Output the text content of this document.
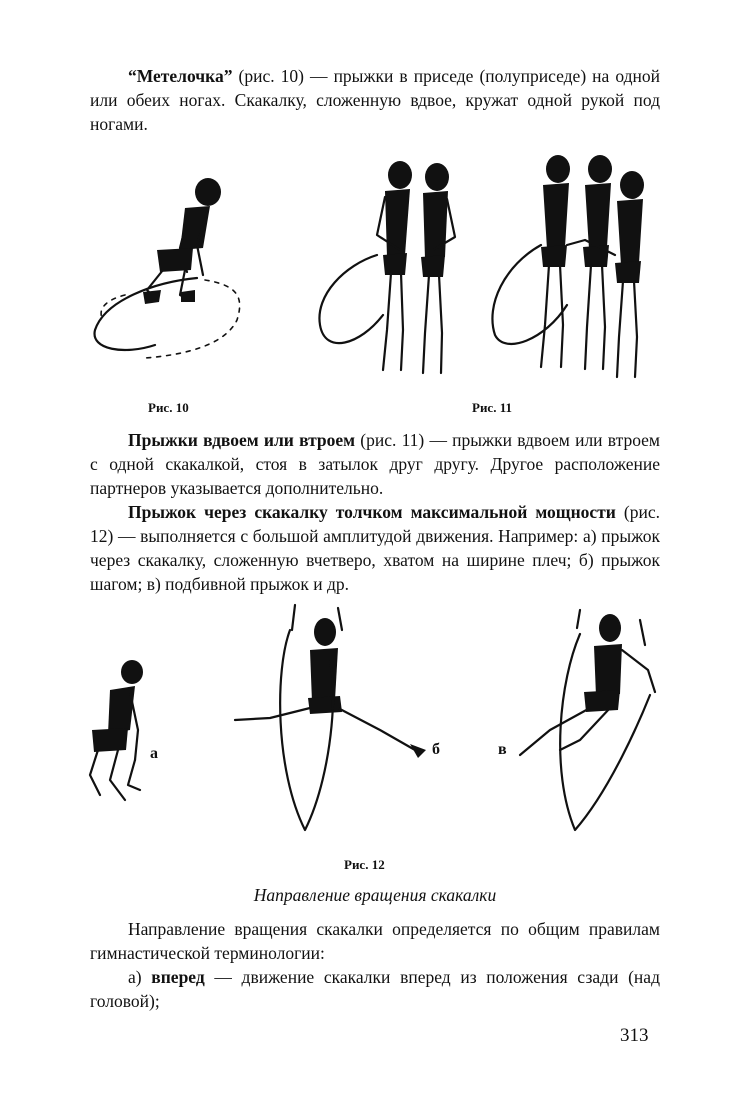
“Метелочка” (рис. 10) — прыжки в приседе (полуприседе) на одной или обеих ногах. Скакалку, сложенную вдвое, кружат одной рукой под ногами.

Рис. 10	Рис. 11

Прыжки вдвоем или втроем (рис. 11) — прыжки вдвоем или втроем с одной скакалкой, стоя в затылок друг другу. Другое расположение партнеров указывается дополнительно.

Прыжок через скакалку толчком максимальной мощности (рис. 12) — выполняется с большой амплитудой движения. Например: а) прыжок через скакалку, сложенную вчетверо, хватом на ширине плеч; б) прыжок шагом; в) подбивной прыжок и др.

а	б	в
Рис. 12
Направление вращения скакалки

Направление вращения скакалки определяется по общим правилам гимнастической терминологии:

а) вперед — движение скакалки вперед из положения сзади (над головой);

313
